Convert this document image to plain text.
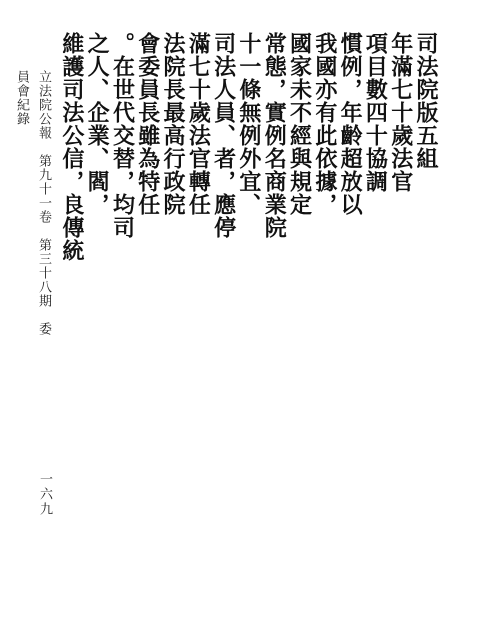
立法院公報　第九十一卷　第三十八期　委員會紀錄
一六九
司法院版五組
年滿七十歲法官
項目數四十協調
慣例，年齡超放以
我國亦有此依據，
國家未不經與規定
常態，實例名商業院
十一條無例外宜、
司法人員、者，應停
滿七十歲法官轉任
法院長最高行政院
會委員長雖為特任
。在世代交替，均司
之人、企業、閻，
維護司法公信，良傳統
